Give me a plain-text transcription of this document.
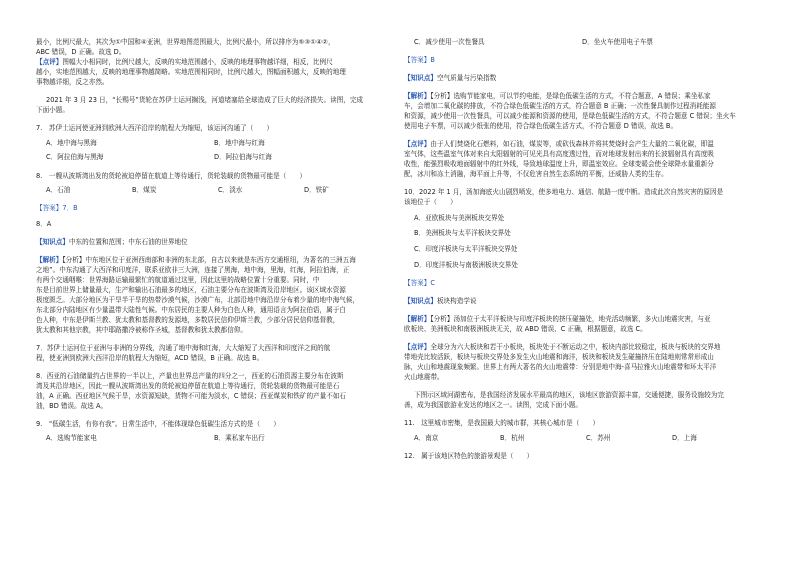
最小，比例尺最大，其次为①中国和④亚洲，世界地图范围最大，比例尺最小，所以排序为⑤③①④②，
ABC 错误，D 正确。故选 D。
【点评】图幅大小相同时，比例尺越大，反映的实地范围越小，反映的地理事物越详细，相反，比例尺
越小，实地范围越大，反映的地理事物越简略。实地范围相同时，比例尺越大，图幅面积越大，反映的地理
事物越详细，反之亦然。
2021 年 3 月 23 日，“长赐号”货轮在苏伊士运河搁浅，河道堵塞给全球造成了巨大的经济损失。读图，完成
下面小题。
7.　苏伊士运河使亚洲到欧洲大西洋沿岸的航程大为缩短，该运河沟通了（　　）
A．地中海与黑海	B．地中海与红海
C．阿拉伯海与黑海	D．阿拉伯海与红海
8.　一艘从波斯湾出发的货轮被迫停留在航道上等待通行，货轮装载的货物最可能是（　　）
A．石油	B．煤炭	C．淡水	D．铁矿
【答案】7．B
8．A
【知识点】中东的位置和范围；中东石油的世界地位
【解析】【分析】中东地区位于亚洲西南部和非洲的东北部，自古以来就是东西方交通枢纽，为著名的三洲五海
之地”。中东沟通了大西洋和印度洋，联系亚欧非三大洲，连接了黑海，地中海，里海，红海，阿拉伯海，正
有两个交通咽喉：世界海路运输最繁忙的航道通过这里，因此这里的战略位置十分重要。同时，中
东是目前世界上储量最大，生产和输出石油最多的地区，石油主要分布在波斯湾及沿岸地区。该区域水资源
极度匮乏。大部分地区为干旱半干旱的热带沙漠气候，沙漠广布，北部沿地中海沿岸分布着少量的地中海气候，
东北部分内陆地区有少量温带大陆性气候。中东居民的主要人种为白色人种，通用语言为阿拉伯语，属于白
色人种，中东是伊斯兰教、犹太教和基督教的发源地，多数居民信仰伊斯兰教，少部分居民信仰基督教，
犹太教和其他宗教，其中耶路撒冷被称作圣城，基督教和犹太教都信仰。
7．苏伊士运河位于亚洲与非洲的分界线，沟通了地中海和红海，大大缩短了大西洋和印度洋之间的航
程，使亚洲到欧洲大西洋沿岸的航程大为缩短，ACD 错误，B 正确。故选 B。
8．西亚的石油储量约占世界的一半以上，产量也世界总产量的四分之一，西亚的石油资源主要分布在波斯
湾及其沿岸地区，因此一艘从波斯湾出发的货轮被迫停留在航道上等待通行，货轮装载的货物最可能是石
油，A 正确。西亚地区气候干旱，水资源短缺，货物不可能为淡水，C 错误；西亚煤炭和铁矿的产量不如石
油，BD 错误。故选 A。
9.　“低碳生活，有你有我”。日常生活中，不能体现绿色低碳生活方式的是（　　）
A．选购节能家电	B．乘私家车出行
C．减少使用一次性餐具	D．坐火车使用电子车票
【答案】B
【知识点】空气质量与污染指数
【解析】【分析】选购节能家电，可以节约电能，是绿色低碳生活的方式，不符合题意，A 错误；乘坐私家
车，会增加二氧化碳的排放，不符合绿色低碳生活的方式，符合题意 B 正确；一次性餐具制作过程消耗能源
和资源，减少使用一次性餐具，可以减少能源和资源的使用，是绿色低碳生活的方式，不符合题意 C 错误；坐火车
使用电子车票，可以减少纸张的使用，符合绿色低碳生活方式，不符合题意 D 错误，故选 B。
【点评】由于人们焚烧化石燃料，如石油，煤炭等，或砍伐森林并将其焚烧时会产生大量的二氧化碳，即温
室气体，这些温室气体对来自太阳辐射的可见光具有高度透过性，而对地球发射出来的长波辐射具有高度吸
收性，能强烈吸收地面辐射中的红外线，导致地球温度上升，即温室效应。全球变暖会使全球降水量重新分
配，冰川和冻土消融，海平面上升等，不仅危害自然生态系统的平衡，还威胁人类的生存。
10．2022 年 1 月，汤加海底火山剧烈喷发，使多地电力、通信、航路一度中断。造成此次自然灾害的原因是
该地位于（　　）
A．亚欧板块与美洲板块交界处
B．美洲板块与太平洋板块交界处
C．印度洋板块与太平洋板块交界处
D．印度洋板块与南极洲板块交界处
【答案】C
【知识点】板块构造学说
【解析】【分析】汤加位于太平洋板块与印度洋板块的挤压碰撞处，地壳活动频繁，多火山地震灾害，与亚
欧板块、美洲板块和南极洲板块无关，故 ABD 错误、C 正确，根据题意，故选 C。
【点评】全球分为六大板块和若干小板块，板块处于不断运动之中，板块内部比较稳定，板块与板块的交界地
带地壳比较活跃，板块与板块交界处多发生火山地震和海洋，板块和板块发生碰撞挤压在陆地则常常形成山
脉，火山和地震现象频繁。世界上有两大著名的火山地震带：分别是地中海-喜马拉雅火山地震带和环太平洋
火山地震带。
下图示区域河湖密布，是我国经济发展水平最高的地区，该地区旅游资源丰富，交通便捷，服务设施较为完
善，成为我国旅游业发达的地区之一。读图，完成下面小题。
11.　这里城市密集，是我国最大的城市群，其核心城市是（　　）
A．南京	B．杭州	C．苏州	D．上海
12.　属于该地区特色的旅游景观是（　　）
